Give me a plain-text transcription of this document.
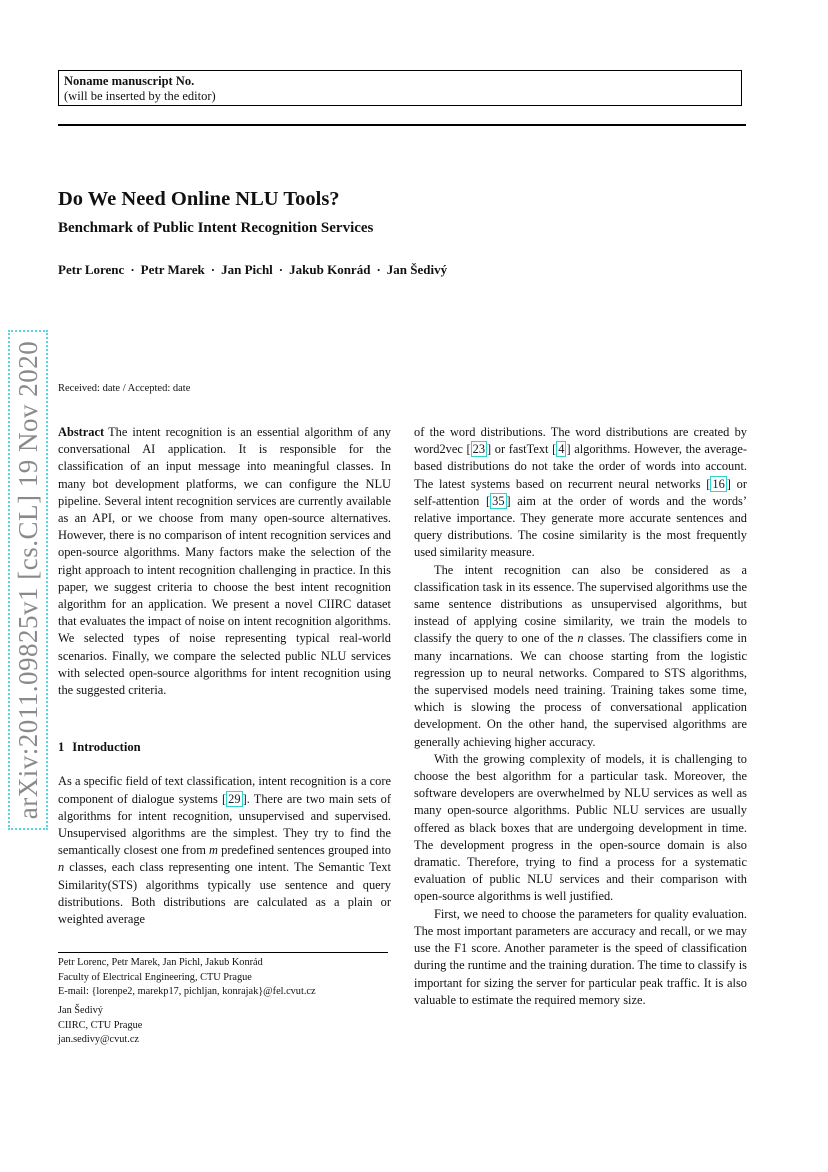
Noname manuscript No.
(will be inserted by the editor)
Do We Need Online NLU Tools?
Benchmark of Public Intent Recognition Services
Petr Lorenc · Petr Marek · Jan Pichl · Jakub Konrád · Jan Šedivý
arXiv:2011.09825v1 [cs.CL] 19 Nov 2020 Received: date / Accepted: date

Abstract The intent recognition is an essential algorithm of any conversational AI application. It is responsible for the classification of an input message into meaningful classes. In many bot development platforms, we can configure the NLU pipeline. Several intent recognition services are currently available as an API, or we choose from many open-source alternatives. However, there is no comparison of intent recognition services and open-source algorithms. Many factors make the selection of the right approach to intent recognition challenging in practice. In this paper, we suggest criteria to choose the best intent recognition algorithm for an application. We present a novel CIIRC dataset that evaluates the impact of noise on intent recognition algorithms. We selected types of noise representing typical real-world scenarios. Finally, we compare the selected public NLU services with selected open-source algorithms for intent recognition using the suggested criteria.

1 Introduction

As a specific field of text classification, intent recognition is a core component of dialogue systems [ 29 ]. There are two main sets of algorithms for intent recognition, unsupervised and supervised. Unsupervised algorithms are the simplest. They try to find the semantically closest one from m predefined sentences grouped into n classes, each class representing one intent. The Semantic Text Similarity(STS) algorithms typically use sentence and query distributions. Both distributions are calculated as a plain or weighted average

of the word distributions. The word distributions are created by word2vec [ 23 ] or fastText [ 4 ] algorithms. However, the average-based distributions do not take the order of words into account. The latest systems based on recurrent neural networks [ 16 ] or self-attention [ 35 ] aim at the order of words and the words’ relative importance. They generate more accurate sentences and query distributions. The cosine similarity is the most frequently used similarity measure.

The intent recognition can also be considered as a classification task in its essence. The supervised algorithms use the same sentence distributions as unsupervised algorithms, but instead of applying cosine similarity, we train the models to classify the query to one of the n classes. The classifiers come in many incarnations. We can choose starting from the logistic regression up to neural networks. Compared to STS algorithms, the supervised models need training. Training takes some time, which is slowing the process of conversational application development. On the other hand, the supervised algorithms are generally achieving higher accuracy.

With the growing complexity of models, it is challenging to choose the best algorithm for a particular task. Moreover, the software developers are overwhelmed by NLU services as well as many open-source algorithms. Public NLU services are usually offered as black boxes that are undergoing development in time. The development progress in the open-source domain is also dramatic. Therefore, trying to find a process for a systematic evaluation of public NLU services and their comparison with open-source algorithms is well justified.

First, we need to choose the parameters for quality evaluation. The most important parameters are accuracy and recall, or we may use the F1 score. Another parameter is the speed of classification during the runtime and the training duration. The time to classify is important for sizing the server for particular peak traffic. It is also valuable to estimate the required memory size.

Petr Lorenc, Petr Marek, Jan Pichl, Jakub Konrád

Faculty of Electrical Engineering, CTU Prague

E-mail: {lorenpe2, marekp17, pichljan, konrajak}@fel.cvut.cz

Jan Šedivý

CIIRC, CTU Prague

jan.sedivy@cvut.cz
